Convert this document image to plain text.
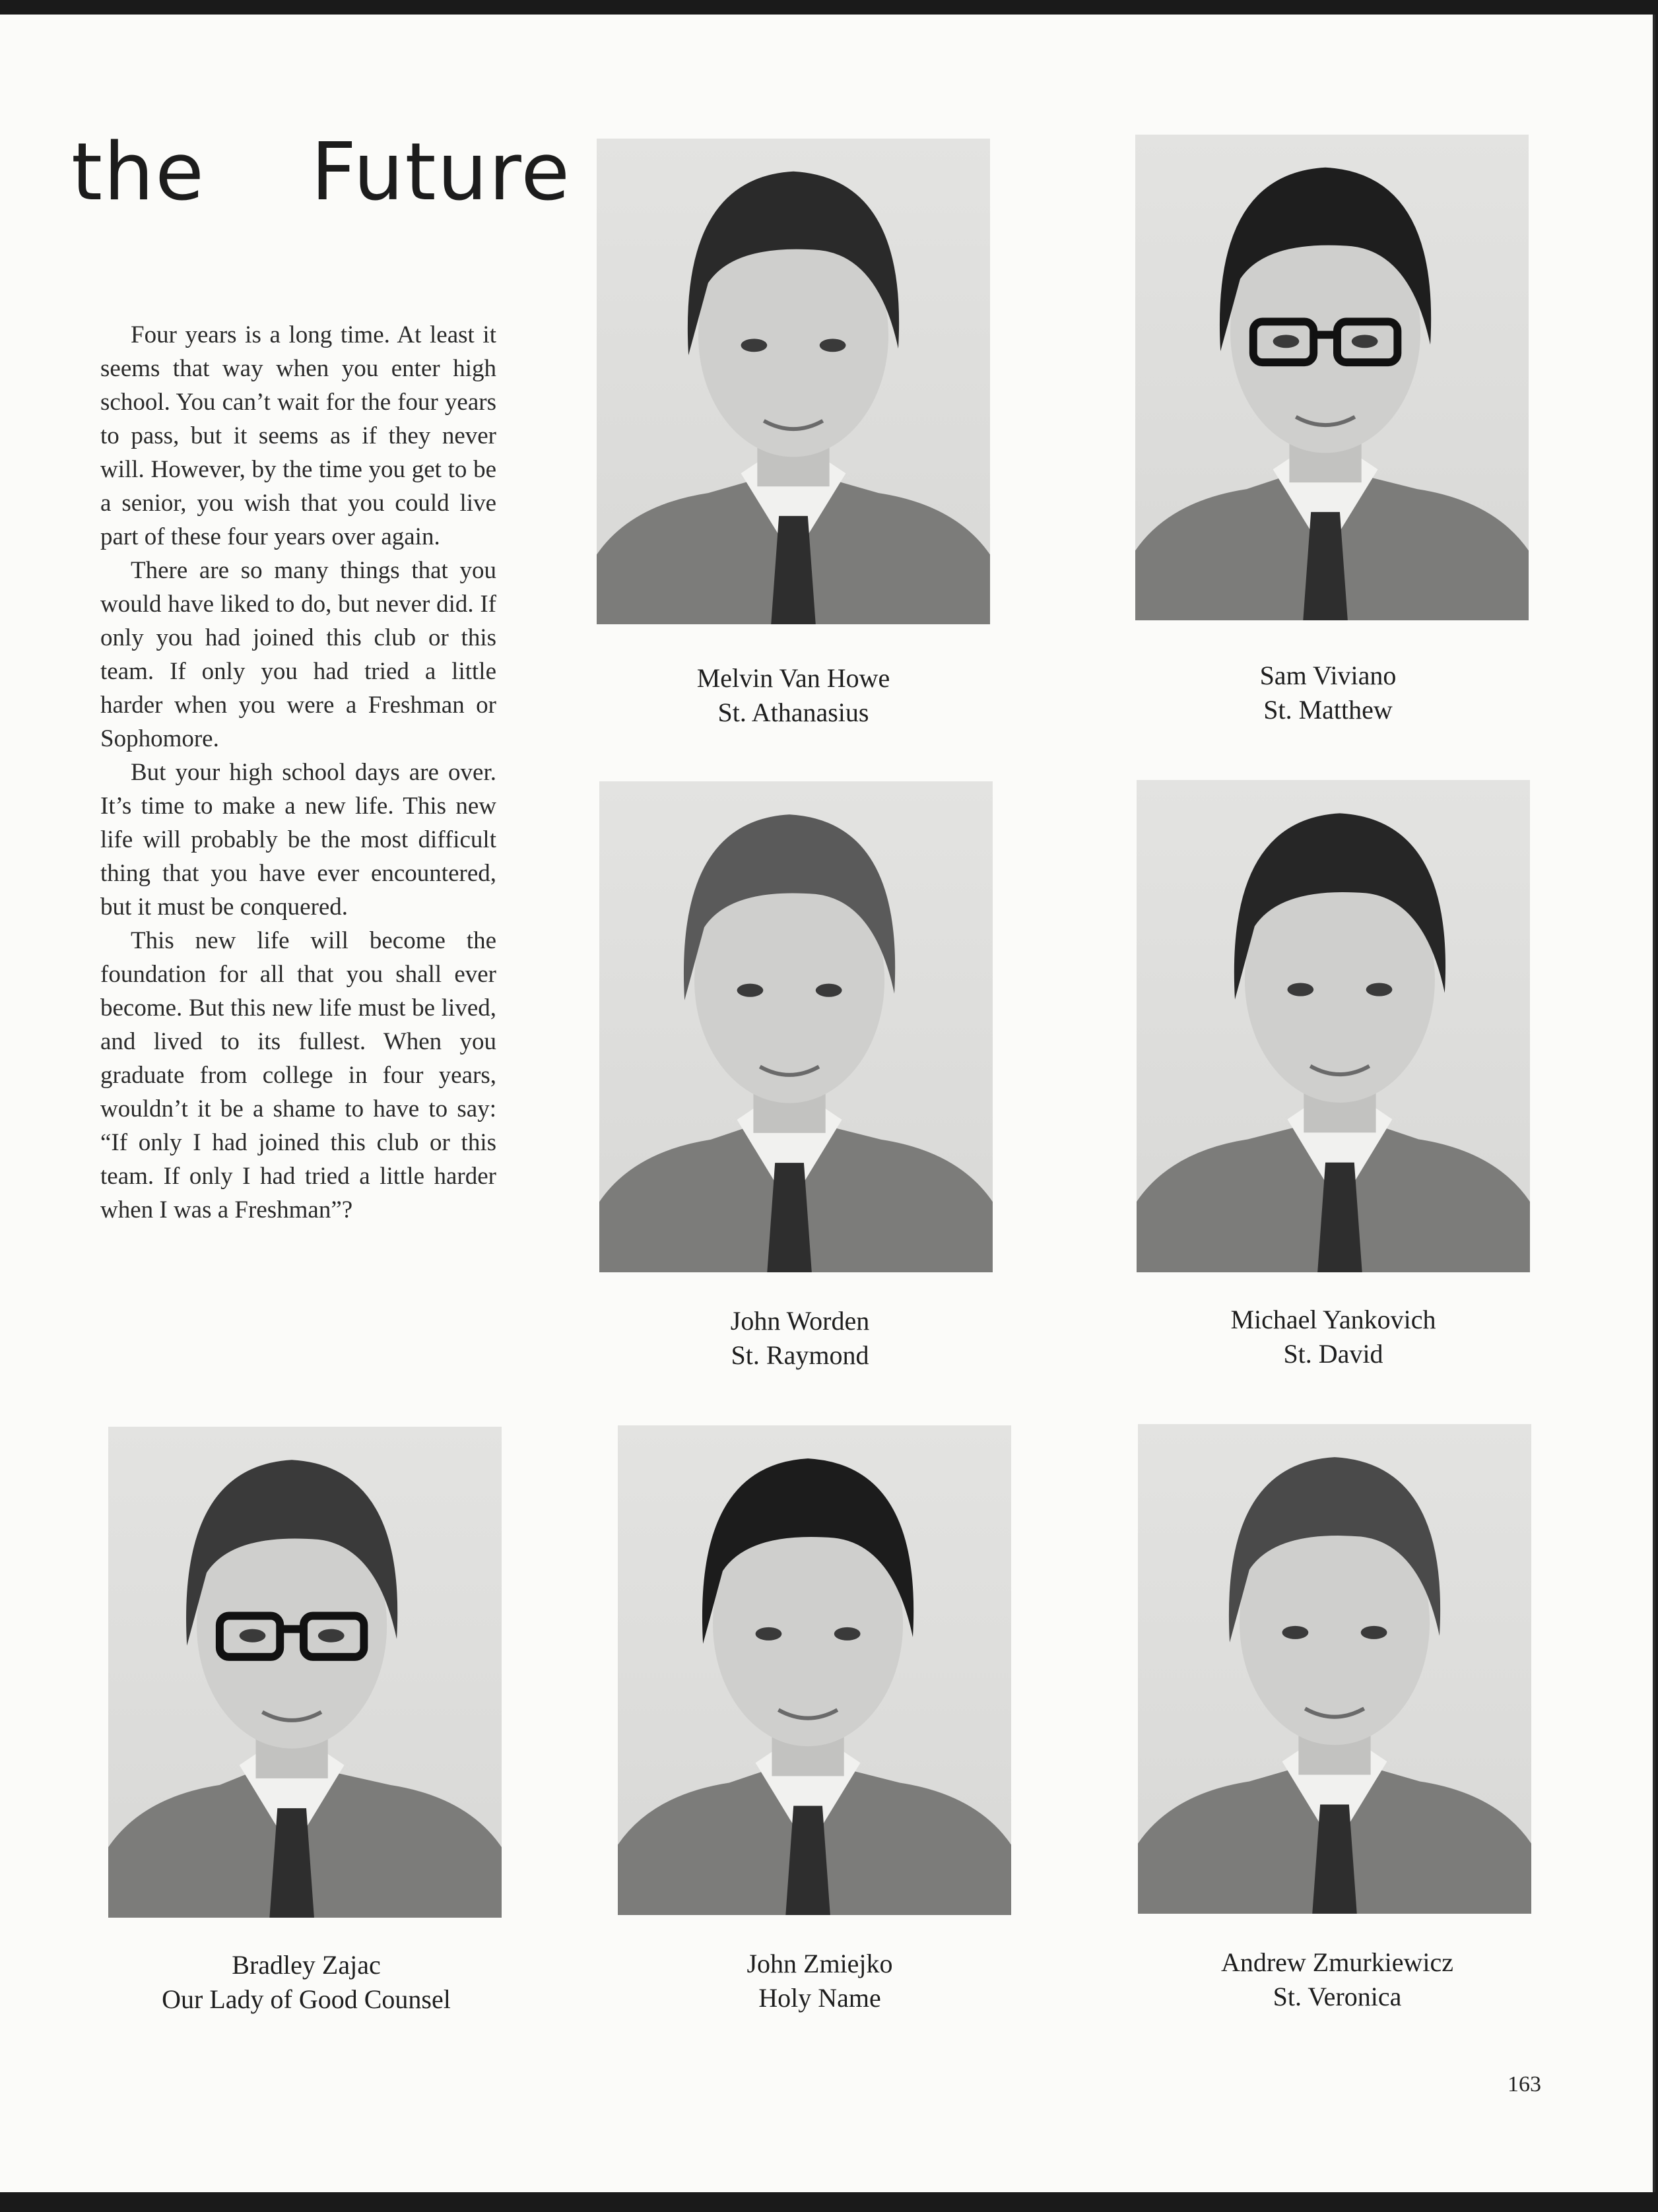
the Future

Four years is a long time. At least it seems that way when you enter high school. You can’t wait for the four years to pass, but it seems as if they never will. However, by the time you get to be a senior, you wish that you could live part of these four years over again.

There are so many things that you would have liked to do, but never did. If only you had joined this club or this team. If only you had tried a little harder when you were a Freshman or Sophomore.

But your high school days are over. It’s time to make a new life. This new life will probably be the most difficult thing that you have ever encountered, but it must be conquered.

This new life will become the foundation for all that you shall ever become. But this new life must be lived, and lived to its fullest. When you graduate from college in four years, wouldn’t it be a shame to have to say: “If only I had joined this club or this team. If only I had tried a little harder when I was a Freshman”?

Melvin Van Howe
St. Athanasius
Sam Viviano
St. Matthew
John Worden
St. Raymond
Michael Yankovich
St. David
Bradley Zajac
Our Lady of Good Counsel
John Zmiejko
Holy Name
Andrew Zmurkiewicz
St. Veronica
163
